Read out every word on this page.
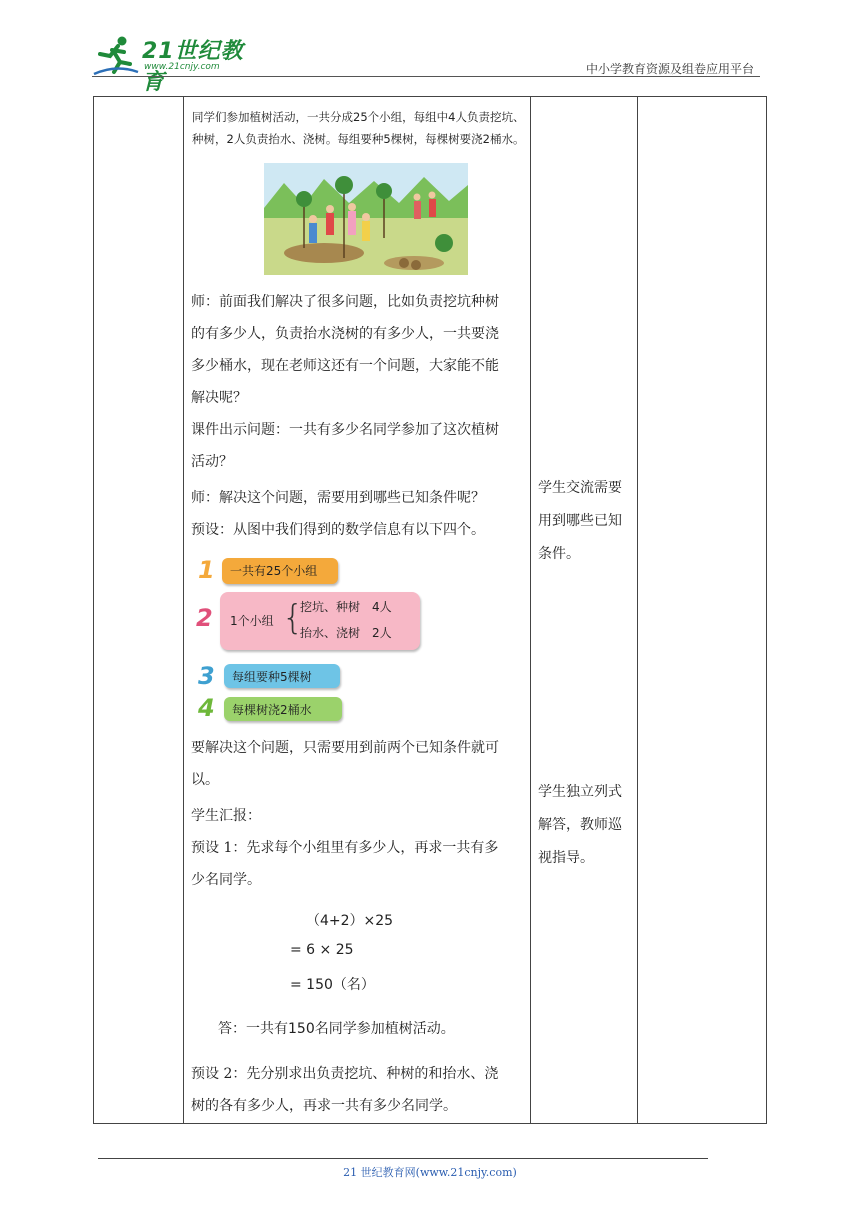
21世纪教育
www.21cnjy.com	中小学教育资源及组卷应用平台
同学们参加植树活动，一共分成25个小组，每组中4人负责挖坑、
种树，2人负责抬水、浇树。每组要种5棵树，每棵树要浇2桶水。
师：前面我们解决了很多问题，比如负责挖坑种树
的有多少人，负责抬水浇树的有多少人，一共要浇
多少桶水，现在老师这还有一个问题，大家能不能
解决呢？
课件出示问题：一共有多少名同学参加了这次植树
活动？
师：解决这个问题，需要用到哪些已知条件呢？
预设：从图中我们得到的数学信息有以下四个。
1	一共有25个小组
2 1个小组 {
挖坑、种树　4人
抬水、浇树　2人
3	每组要种5棵树
4	每棵树浇2桶水
要解决这个问题，只需要用到前两个已知条件就可
以。
学生汇报：
预设 1：先求每个小组里有多少人，再求一共有多
少名同学。
（4+2）×25
= 6 × 25
= 150（名）
答：一共有150名同学参加植树活动。
预设 2：先分别求出负责挖坑、种树的和抬水、浇
树的各有多少人，再求一共有多少名同学。
学生交流需要
用到哪些已知
条件。
学生独立列式
解答，教师巡
视指导。
21 世纪教育网(www.21cnjy.com)
